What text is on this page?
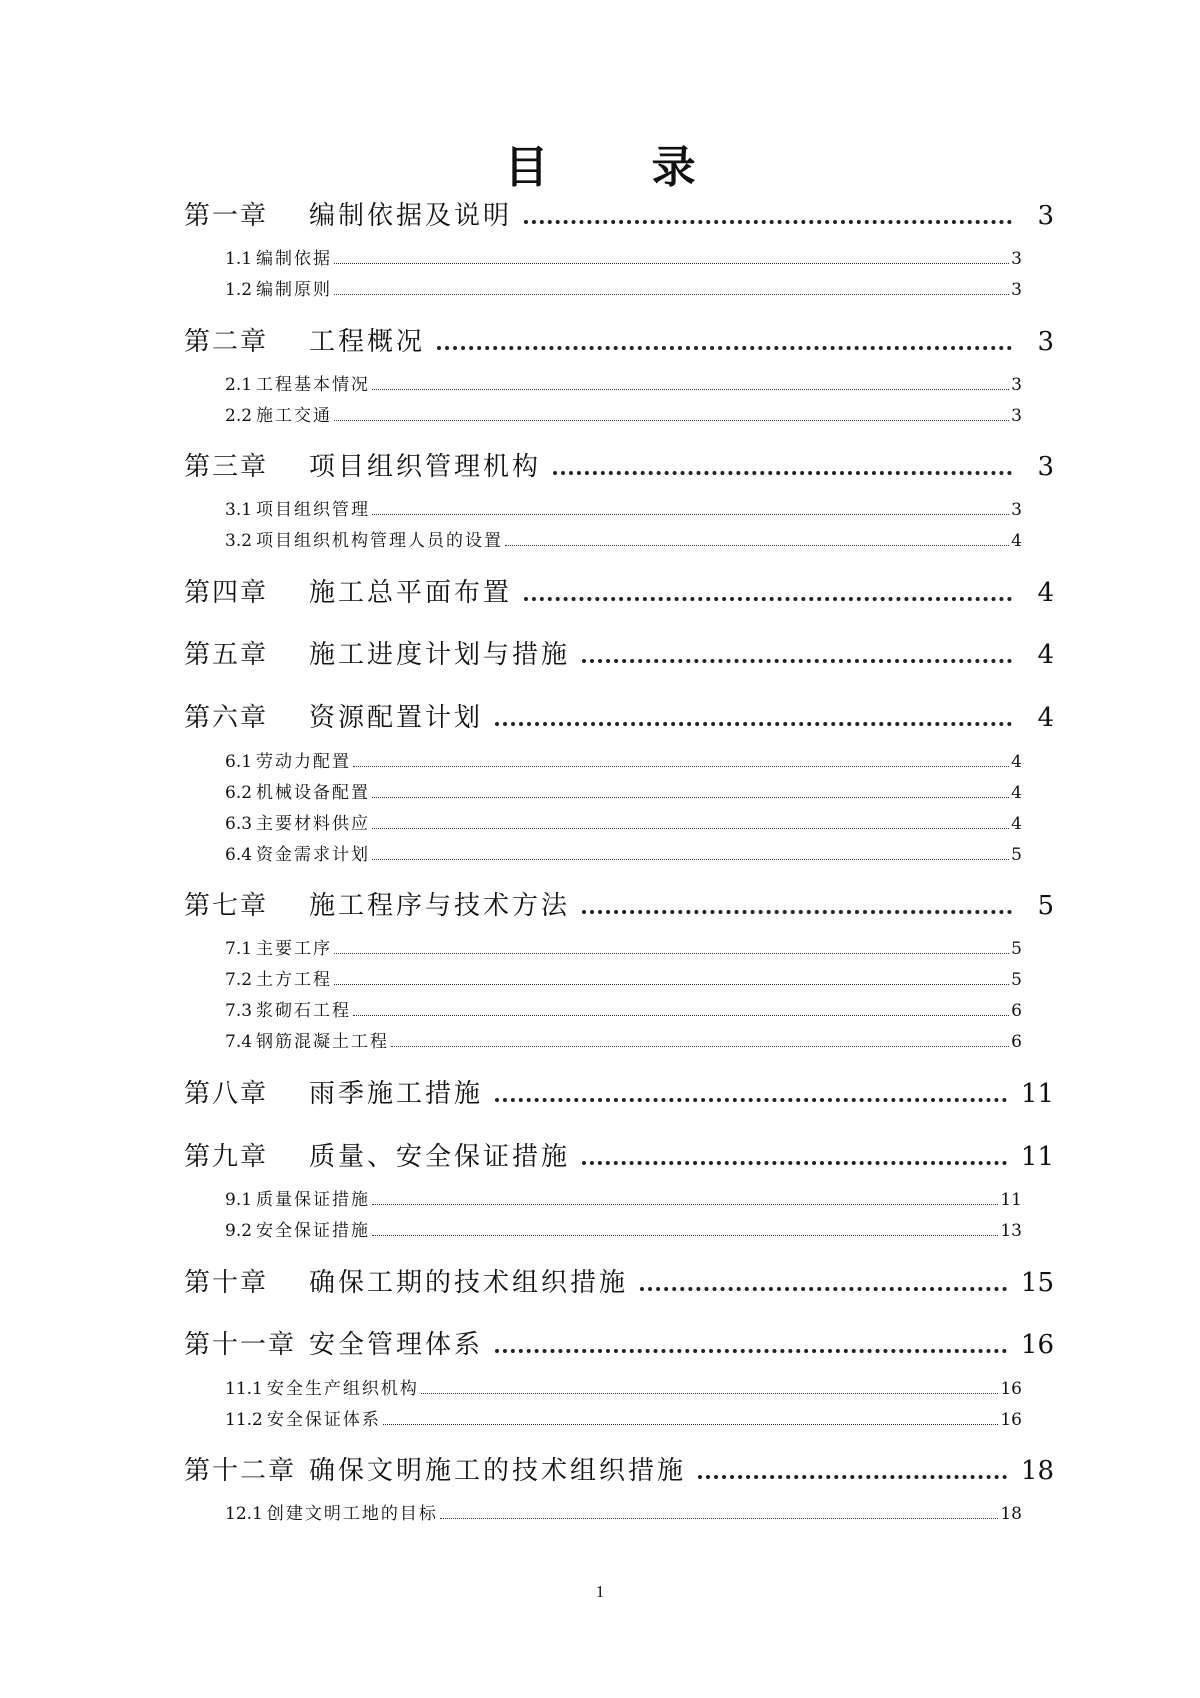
目 录
第一章	编制依据及说明	3
1.1 编制依据	3
1.2 编制原则	3
第二章	工程概况	3
2.1 工程基本情况	3
2.2 施工交通	3
第三章	项目组织管理机构	3
3.1 项目组织管理	3
3.2 项目组织机构管理人员的设置	4
第四章	施工总平面布置	4
第五章	施工进度计划与措施	4
第六章	资源配置计划	4
6.1 劳动力配置	4
6.2 机械设备配置	4
6.3 主要材料供应	4
6.4 资金需求计划	5
第七章	施工程序与技术方法	5
7.1 主要工序	5
7.2 土方工程	5
7.3 浆砌石工程	6
7.4 钢筋混凝土工程	6
第八章	雨季施工措施	11
第九章	质量、安全保证措施	11
9.1 质量保证措施	11
9.2 安全保证措施	13
第十章	确保工期的技术组织措施	15
第十一章 安全管理体系	16
11.1 安全生产组织机构	16
11.2 安全保证体系	16
第十二章 确保文明施工的技术组织措施	18
12.1 创建文明工地的目标	18
1
